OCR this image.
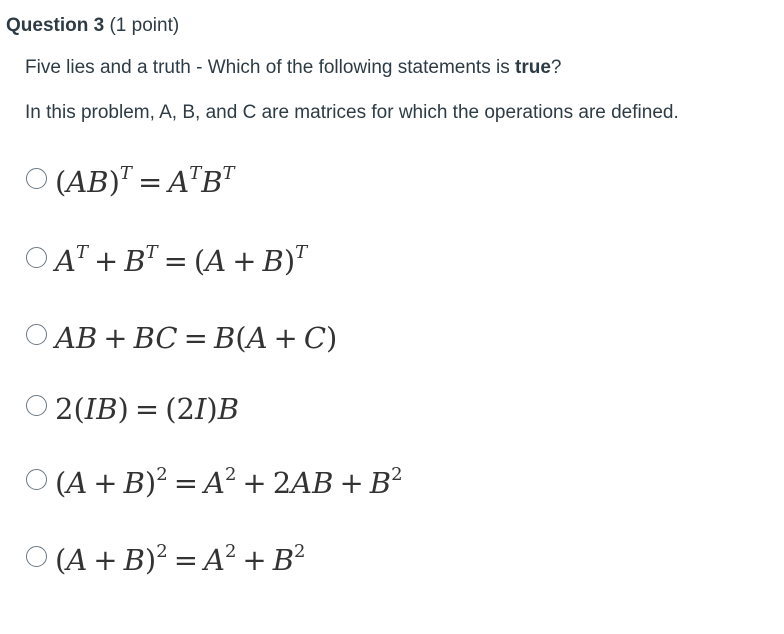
Question 3 (1 point)
Five lies and a truth - Which of the following statements is true?
In this problem, A, B, and C are matrices for which the operations are defined.
$(AB)^T = A^TB^T$
$A^T + B^T = (A + B)^T$
AB + BC = B(A + C)
2(IB) = (2I)B
$(A + B)^2 = A^2 + 2AB + B^2$
$(A + B)^2 = A^2 + B^2$
